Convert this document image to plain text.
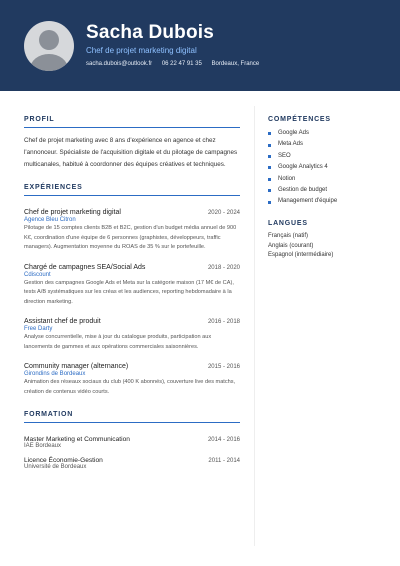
Sacha Dubois
Chef de projet marketing digital
sacha.dubois@outlook.fr 06 22 47 91 35 Bordeaux, France
PROFIL
Chef de projet marketing avec 8 ans d'expérience en agence et chez l'annonceur. Spécialiste de l'acquisition digitale et du pilotage de campagnes multicanales, habitué à coordonner des équipes créatives et techniques.
EXPÉRIENCES
Chef de projet marketing digital	2020 - 2024
Agence Bleu Citron
Pilotage de 15 comptes clients B2B et B2C, gestion d'un budget média annuel de 900 K€, coordination d'une équipe de 6 personnes (graphistes, développeurs, traffic managers). Augmentation moyenne du ROAS de 35 % sur le portefeuille.
Chargé de campagnes SEA/Social Ads	2018 - 2020
Cdiscount
Gestion des campagnes Google Ads et Meta sur la catégorie maison (17 M€ de CA), tests A/B systématiques sur les créas et les audiences, reporting hebdomadaire à la direction marketing.
Assistant chef de produit	2016 - 2018
Free Darty
Analyse concurrentielle, mise à jour du catalogue produits, participation aux lancements de gammes et aux opérations commerciales saisonnières.
Community manager (alternance)	2015 - 2016
Girondins de Bordeaux
Animation des réseaux sociaux du club (400 K abonnés), couverture live des matchs, création de contenus vidéo courts.
FORMATION
Master Marketing et Communication	2014 - 2016
IAE Bordeaux
Licence Économie-Gestion	2011 - 2014
Université de Bordeaux
COMPÉTENCES
Google Ads
Meta Ads
SEO
Google Analytics 4
Notion
Gestion de budget
Management d'équipe
LANGUES
Français (natif)
Anglais (courant)
Espagnol (intermédiaire)
